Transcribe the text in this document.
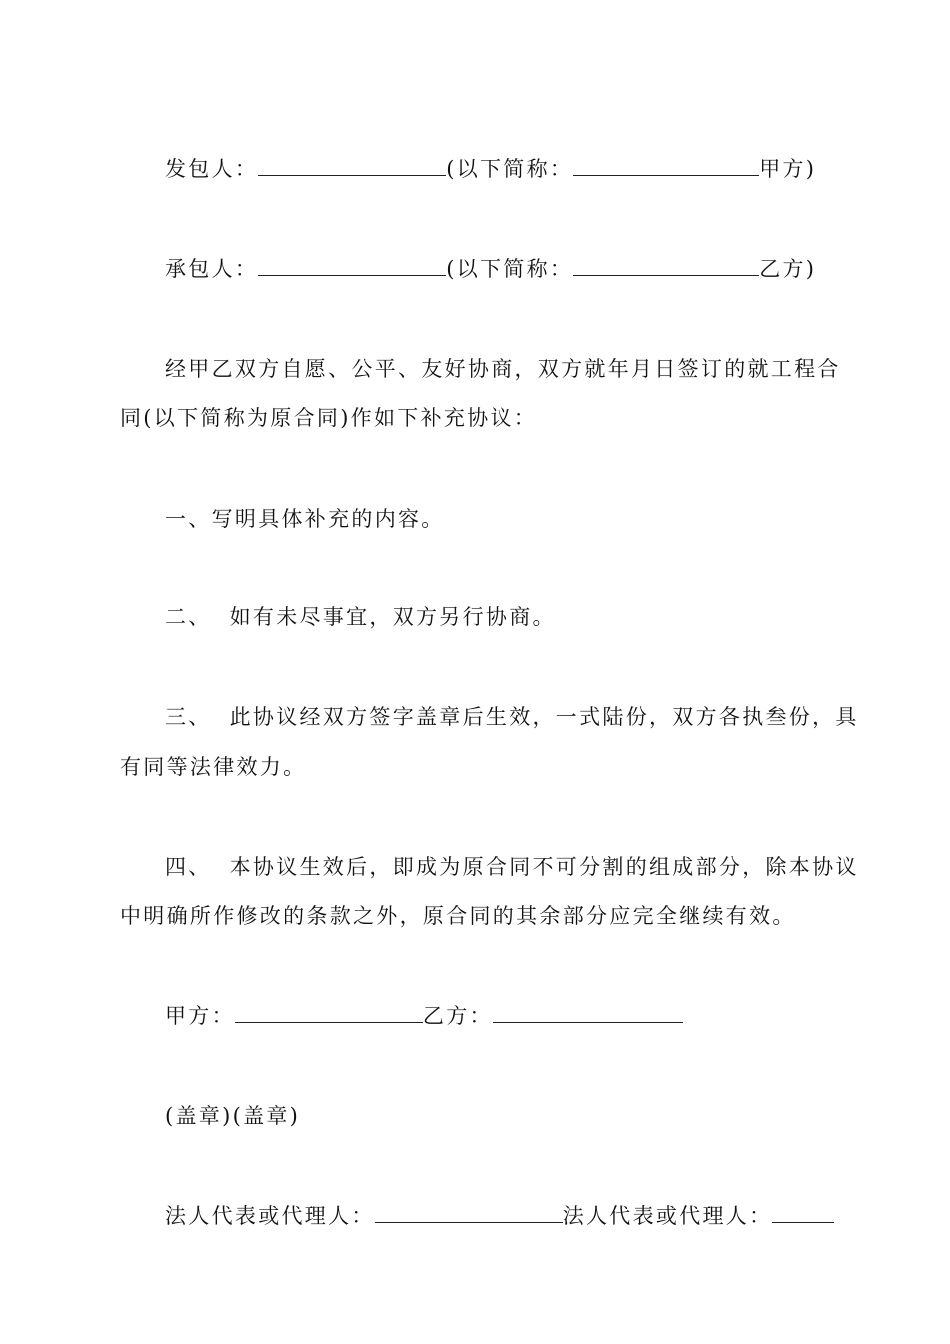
发包人：	(以下简称：	甲方)
承包人：	(以下简称：	乙方)
经甲乙双方自愿、公平、友好协商，双方就年月日签订的就工程合
同(以下简称为原合同)作如下补充协议：
一、写明具体补充的内容。
二、 如有未尽事宜，双方另行协商。
三、 此协议经双方签字盖章后生效，一式陆份，双方各执叁份，具
有同等法律效力。
四、 本协议生效后，即成为原合同不可分割的组成部分，除本协议
中明确所作修改的条款之外，原合同的其余部分应完全继续有效。
甲方：	乙方：
(盖章)(盖章)
法人代表或代理人：	法人代表或代理人：
